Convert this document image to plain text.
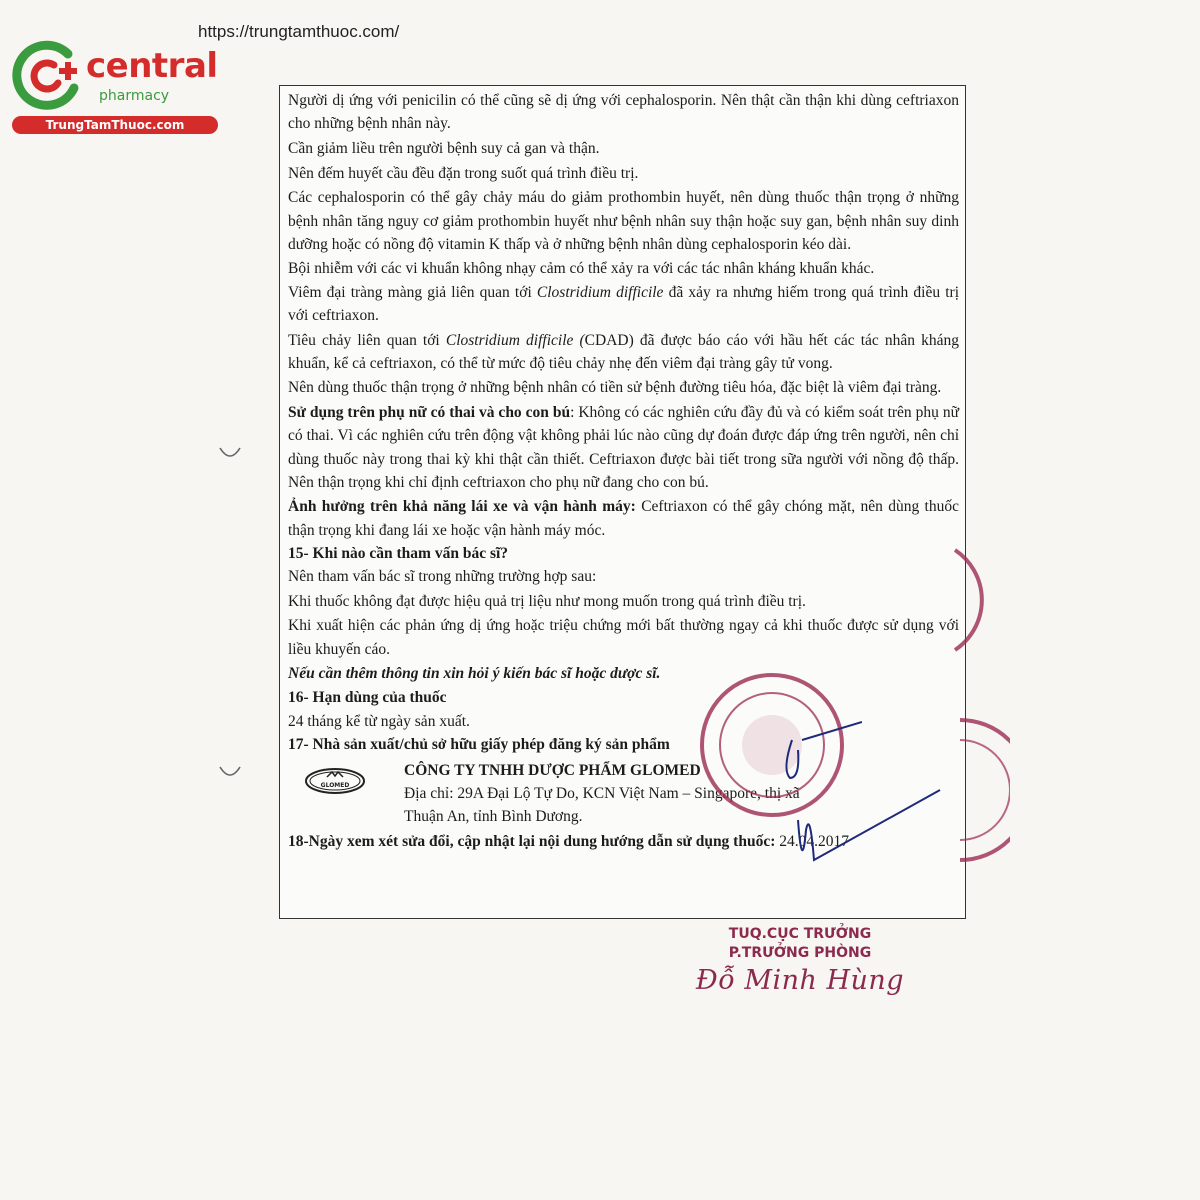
https://trungtamthuoc.com/
central
pharmacy
TrungTamThuoc.com

Người dị ứng với penicilin có thể cũng sẽ dị ứng với cephalosporin. Nên thật cần thận khi dùng ceftriaxon cho những bệnh nhân này.

Cần giảm liều trên người bệnh suy cả gan và thận.

Nên đếm huyết cầu đều đặn trong suốt quá trình điều trị.

Các cephalosporin có thể gây chảy máu do giảm prothombin huyết, nên dùng thuốc thận trọng ở những bệnh nhân tăng nguy cơ giảm prothombin huyết như bệnh nhân suy thận hoặc suy gan, bệnh nhân suy dinh dưỡng hoặc có nồng độ vitamin K thấp và ở những bệnh nhân dùng cephalosporin kéo dài.

Bội nhiễm với các vi khuẩn không nhạy cảm có thể xảy ra với các tác nhân kháng khuẩn khác.

Viêm đại tràng màng giả liên quan tới Clostridium difficile đã xảy ra nhưng hiếm trong quá trình điều trị với ceftriaxon.

Tiêu chảy liên quan tới Clostridium difficile (CDAD) đã được báo cáo với hầu hết các tác nhân kháng khuẩn, kể cả ceftriaxon, có thể từ mức độ tiêu chảy nhẹ đến viêm đại tràng gây tử vong.

Nên dùng thuốc thận trọng ở những bệnh nhân có tiền sử bệnh đường tiêu hóa, đặc biệt là viêm đại tràng.

Sử dụng trên phụ nữ có thai và cho con bú: Không có các nghiên cứu đầy đủ và có kiểm soát trên phụ nữ có thai. Vì các nghiên cứu trên động vật không phải lúc nào cũng dự đoán được đáp ứng trên người, nên chỉ dùng thuốc này trong thai kỳ khi thật cần thiết. Ceftriaxon được bài tiết trong sữa người với nồng độ thấp. Nên thận trọng khi chỉ định ceftriaxon cho phụ nữ đang cho con bú.

Ảnh hưởng trên khả năng lái xe và vận hành máy: Ceftriaxon có thể gây chóng mặt, nên dùng thuốc thận trọng khi đang lái xe hoặc vận hành máy móc.

15- Khi nào cần tham vấn bác sĩ?

Nên tham vấn bác sĩ trong những trường hợp sau:

Khi thuốc không đạt được hiệu quả trị liệu như mong muốn trong quá trình điều trị.

Khi xuất hiện các phản ứng dị ứng hoặc triệu chứng mới bất thường ngay cả khi thuốc được sử dụng với liều khuyến cáo.

Nếu cần thêm thông tin xin hỏi ý kiến bác sĩ hoặc dược sĩ.

16- Hạn dùng của thuốc

24 tháng kể từ ngày sản xuất.

17- Nhà sản xuất/chủ sở hữu giấy phép đăng ký sản phẩm

GLOMED
CÔNG TY TNHH DƯỢC PHẨM GLOMED
Địa chỉ: 29A Đại Lộ Tự Do, KCN Việt Nam – Singapore, thị xã
Thuận An, tỉnh Bình Dương.

18-Ngày xem xét sửa đổi, cập nhật lại nội dung hướng dẫn sử dụng thuốc: 24.04.2017

TUQ.CỤC TRƯỞNG
P.TRƯỞNG PHÒNG
Đỗ Minh Hùng
